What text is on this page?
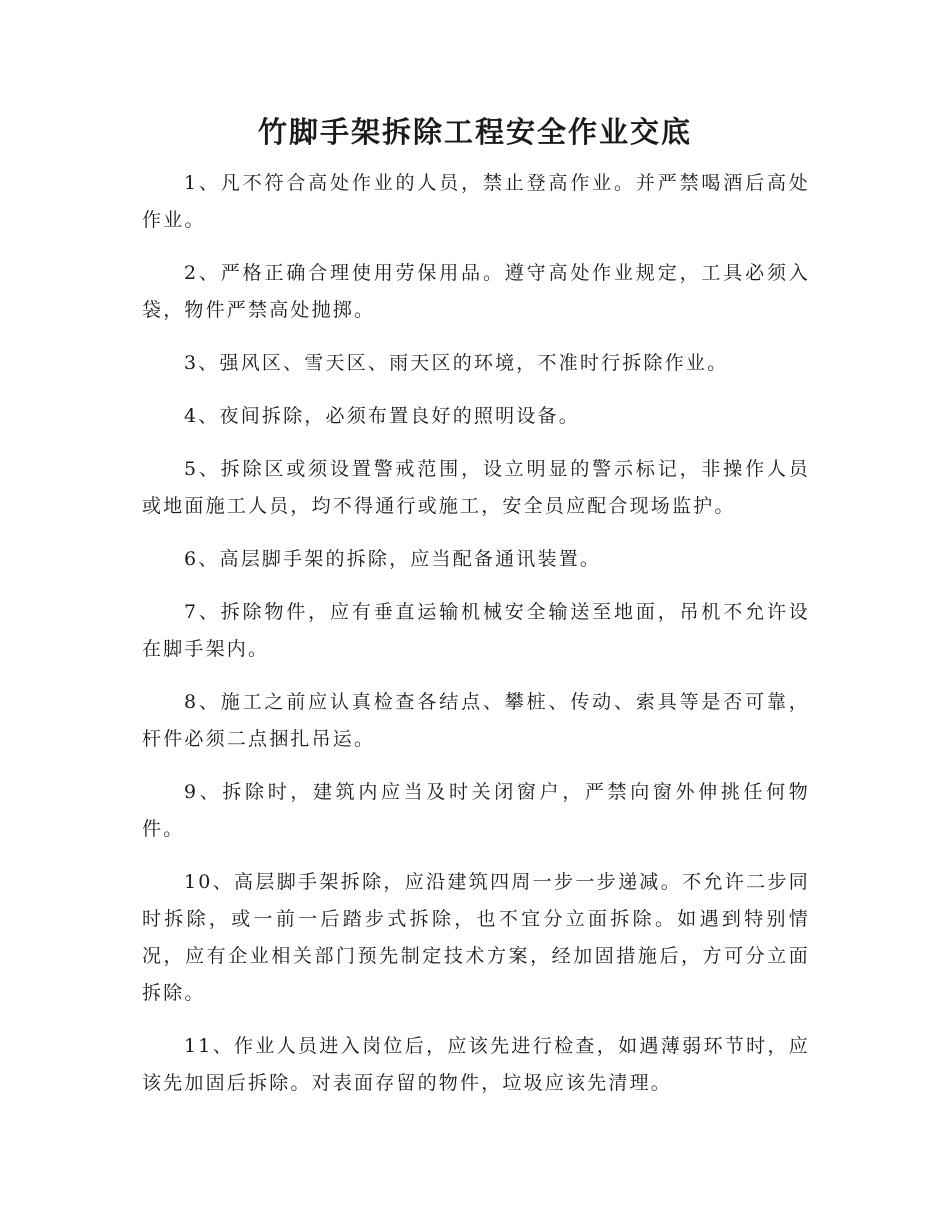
竹脚手架拆除工程安全作业交底

1、凡不符合高处作业的人员，禁止登高作业。并严禁喝酒后高处作业。

2、严格正确合理使用劳保用品。遵守高处作业规定，工具必须入袋，物件严禁高处抛掷。

3、强风区、雪天区、雨天区的环境，不准时行拆除作业。

4、夜间拆除，必须布置良好的照明设备。

5、拆除区或须设置警戒范围，设立明显的警示标记，非操作人员或地面施工人员，均不得通行或施工，安全员应配合现场监护。

6、高层脚手架的拆除，应当配备通讯装置。

7、拆除物件，应有垂直运输机械安全输送至地面，吊机不允许设在脚手架内。

8、施工之前应认真检查各结点、攀桩、传动、索具等是否可靠，杆件必须二点捆扎吊运。

9、拆除时，建筑内应当及时关闭窗户，严禁向窗外伸挑任何物件。

10、高层脚手架拆除，应沿建筑四周一步一步递减。不允许二步同时拆除，或一前一后踏步式拆除，也不宜分立面拆除。如遇到特别情况，应有企业相关部门预先制定技术方案，经加固措施后，方可分立面拆除。

11、作业人员进入岗位后，应该先进行检查，如遇薄弱环节时，应该先加固后拆除。对表面存留的物件，垃圾应该先清理。
